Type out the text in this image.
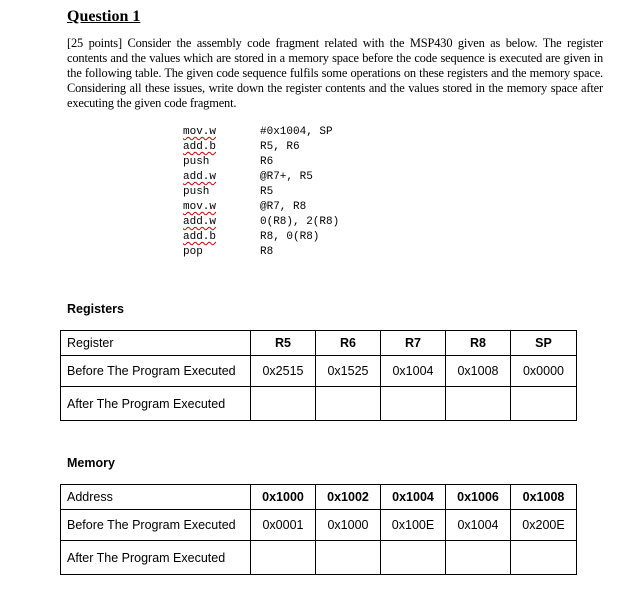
Question 1
[25 points] Consider the assembly code fragment related with the MSP430 given as below. The register contents and the values which are stored in a memory space before the code sequence is executed are given in the following table. The given code sequence fulfils some operations on these registers and the memory space. Considering all these issues, write down the register contents and the values stored in the memory space after executing the given code fragment.
mov.w	#0x1004, SP
add.b	R5, R6
push	R6
add.w	@R7+, R5
push	R5
mov.w	@R7, R8
add.w	0(R8), 2(R8)
add.b	R8, 0(R8)
pop	R8
Registers
Register	R5	R6	R7	R8	SP
Before The Program Executed	0x2515	0x1525	0x1004	0x1008	0x0000
After The Program Executed					
Memory
Address	0x1000	0x1002	0x1004	0x1006	0x1008
Before The Program Executed	0x0001	0x1000	0x100E	0x1004	0x200E
After The Program Executed					
